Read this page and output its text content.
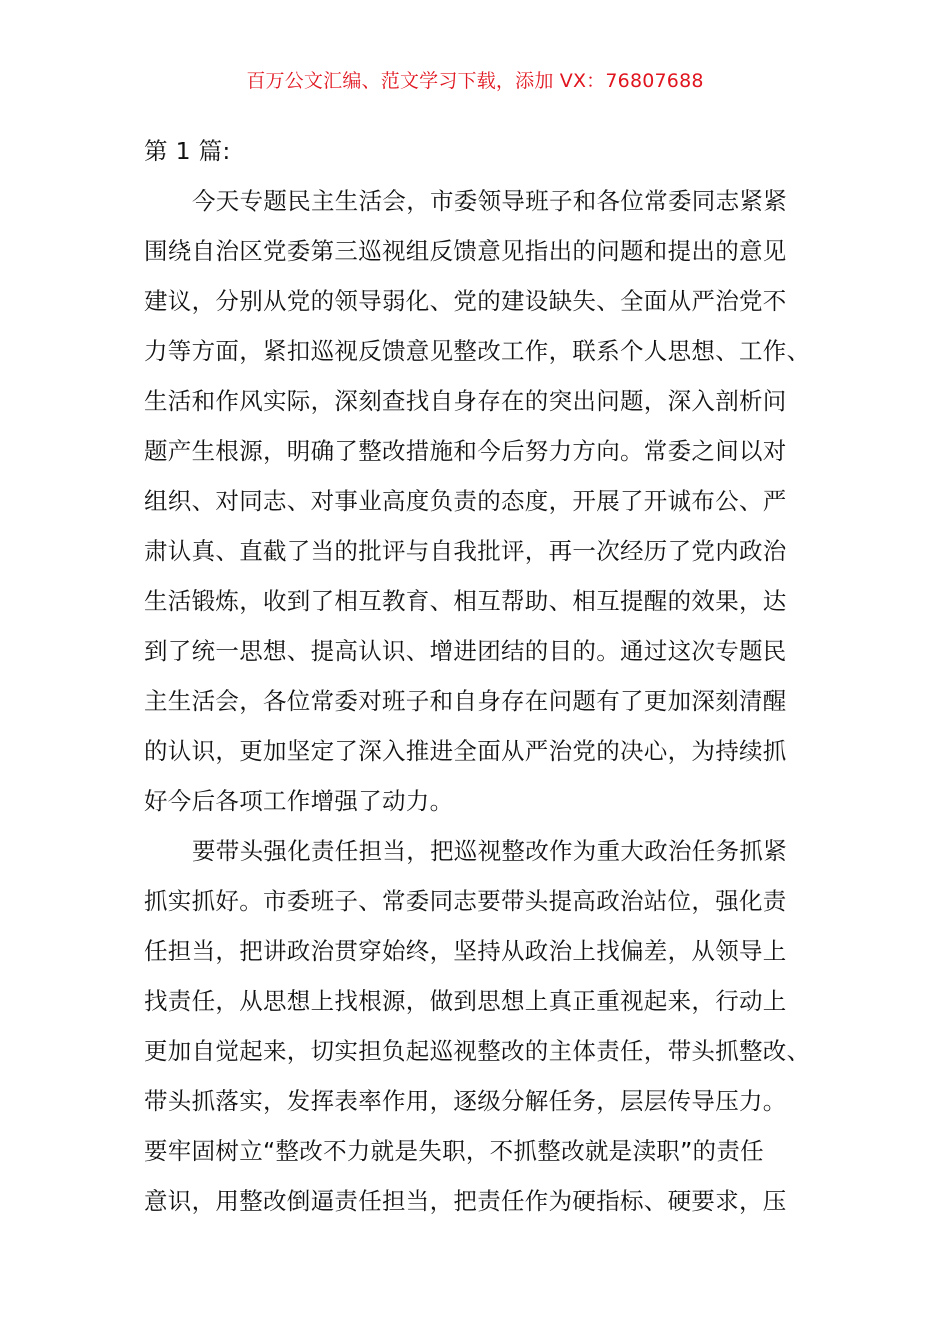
百万公文汇编、范文学习下载，添加 VX：76807688
第 1 篇:
今天专题民主生活会，市委领导班子和各位常委同志紧紧
围绕自治区党委第三巡视组反馈意见指出的问题和提出的意见
建议，分别从党的领导弱化、党的建设缺失、全面从严治党不
力等方面，紧扣巡视反馈意见整改工作，联系个人思想、工作、
生活和作风实际，深刻查找自身存在的突出问题，深入剖析问
题产生根源，明确了整改措施和今后努力方向。常委之间以对
组织、对同志、对事业高度负责的态度，开展了开诚布公、严
肃认真、直截了当的批评与自我批评，再一次经历了党内政治
生活锻炼，收到了相互教育、相互帮助、相互提醒的效果，达
到了统一思想、提高认识、增进团结的目的。通过这次专题民
主生活会，各位常委对班子和自身存在问题有了更加深刻清醒
的认识，更加坚定了深入推进全面从严治党的决心，为持续抓
好今后各项工作增强了动力。
要带头强化责任担当，把巡视整改作为重大政治任务抓紧
抓实抓好。市委班子、常委同志要带头提高政治站位，强化责
任担当，把讲政治贯穿始终，坚持从政治上找偏差，从领导上
找责任，从思想上找根源，做到思想上真正重视起来，行动上
更加自觉起来，切实担负起巡视整改的主体责任，带头抓整改、
带头抓落实，发挥表率作用，逐级分解任务，层层传导压力。
要牢固树立“整改不力就是失职，不抓整改就是渎职”的责任
意识，用整改倒逼责任担当，把责任作为硬指标、硬要求，压
